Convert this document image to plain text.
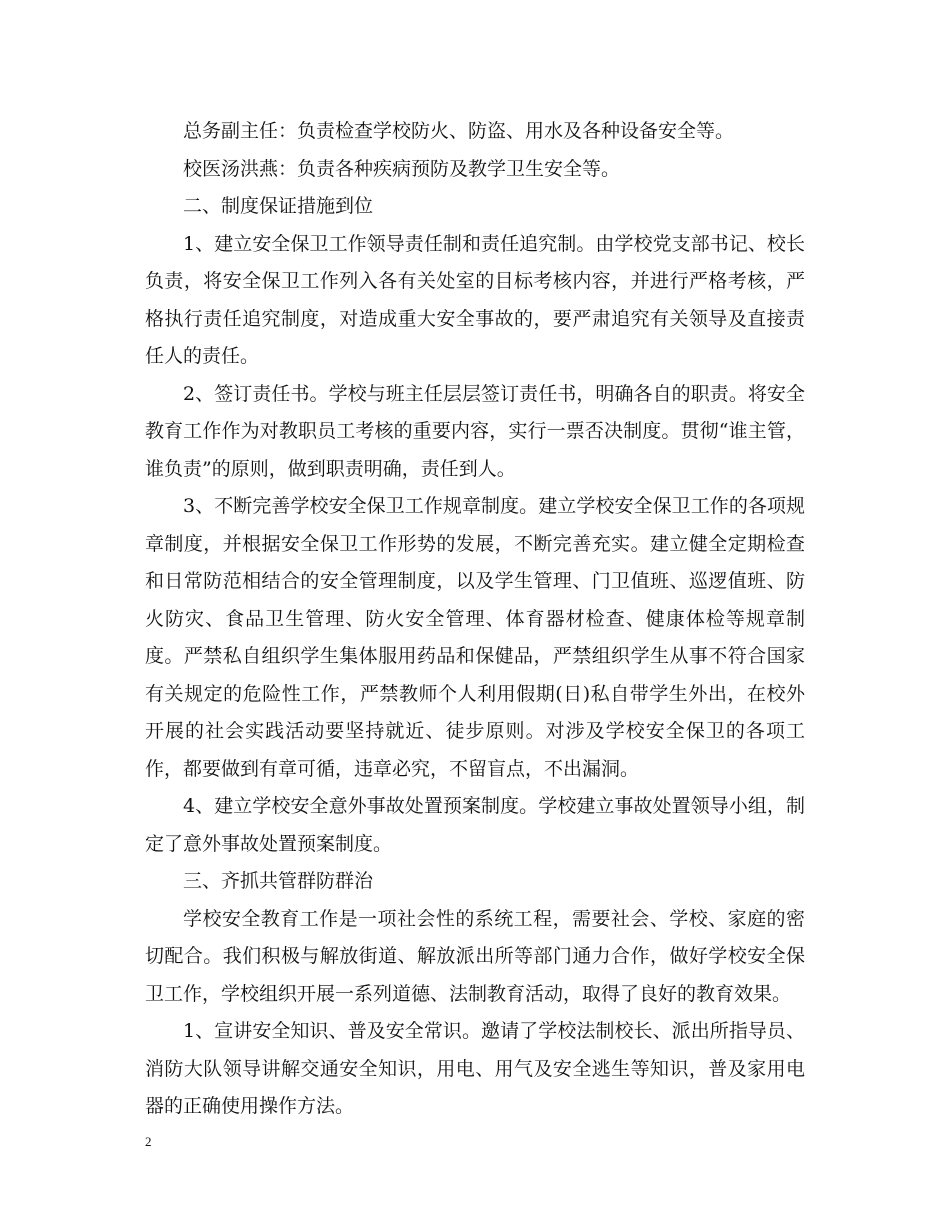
总务副主任：负责检查学校防火、防盗、用水及各种设备安全等。

校医汤洪燕：负责各种疾病预防及教学卫生安全等。

二、制度保证措施到位

1、建立安全保卫工作领导责任制和责任追究制。由学校党支部书记、校长负责，将安全保卫工作列入各有关处室的目标考核内容，并进行严格考核，严格执行责任追究制度，对造成重大安全事故的，要严肃追究有关领导及直接责任人的责任。

2、签订责任书。学校与班主任层层签订责任书，明确各自的职责。将安全教育工作作为对教职员工考核的重要内容，实行一票否决制度。贯彻“谁主管，谁负责”的原则，做到职责明确，责任到人。

3、不断完善学校安全保卫工作规章制度。建立学校安全保卫工作的各项规章制度，并根据安全保卫工作形势的发展，不断完善充实。建立健全定期检查和日常防范相结合的安全管理制度，以及学生管理、门卫值班、巡逻值班、防火防灾、食品卫生管理、防火安全管理、体育器材检查、健康体检等规章制度。严禁私自组织学生集体服用药品和保健品，严禁组织学生从事不符合国家有关规定的危险性工作，严禁教师个人利用假期(日)私自带学生外出，在校外开展的社会实践活动要坚持就近、徒步原则。对涉及学校安全保卫的各项工作，都要做到有章可循，违章必究，不留盲点，不出漏洞。

4、建立学校安全意外事故处置预案制度。学校建立事故处置领导小组，制定了意外事故处置预案制度。

三、齐抓共管群防群治

学校安全教育工作是一项社会性的系统工程，需要社会、学校、家庭的密切配合。我们积极与解放街道、解放派出所等部门通力合作，做好学校安全保卫工作，学校组织开展一系列道德、法制教育活动，取得了良好的教育效果。

1、宣讲安全知识、普及安全常识。邀请了学校法制校长、派出所指导员、消防大队领导讲解交通安全知识，用电、用气及安全逃生等知识，普及家用电器的正确使用操作方法。

2
